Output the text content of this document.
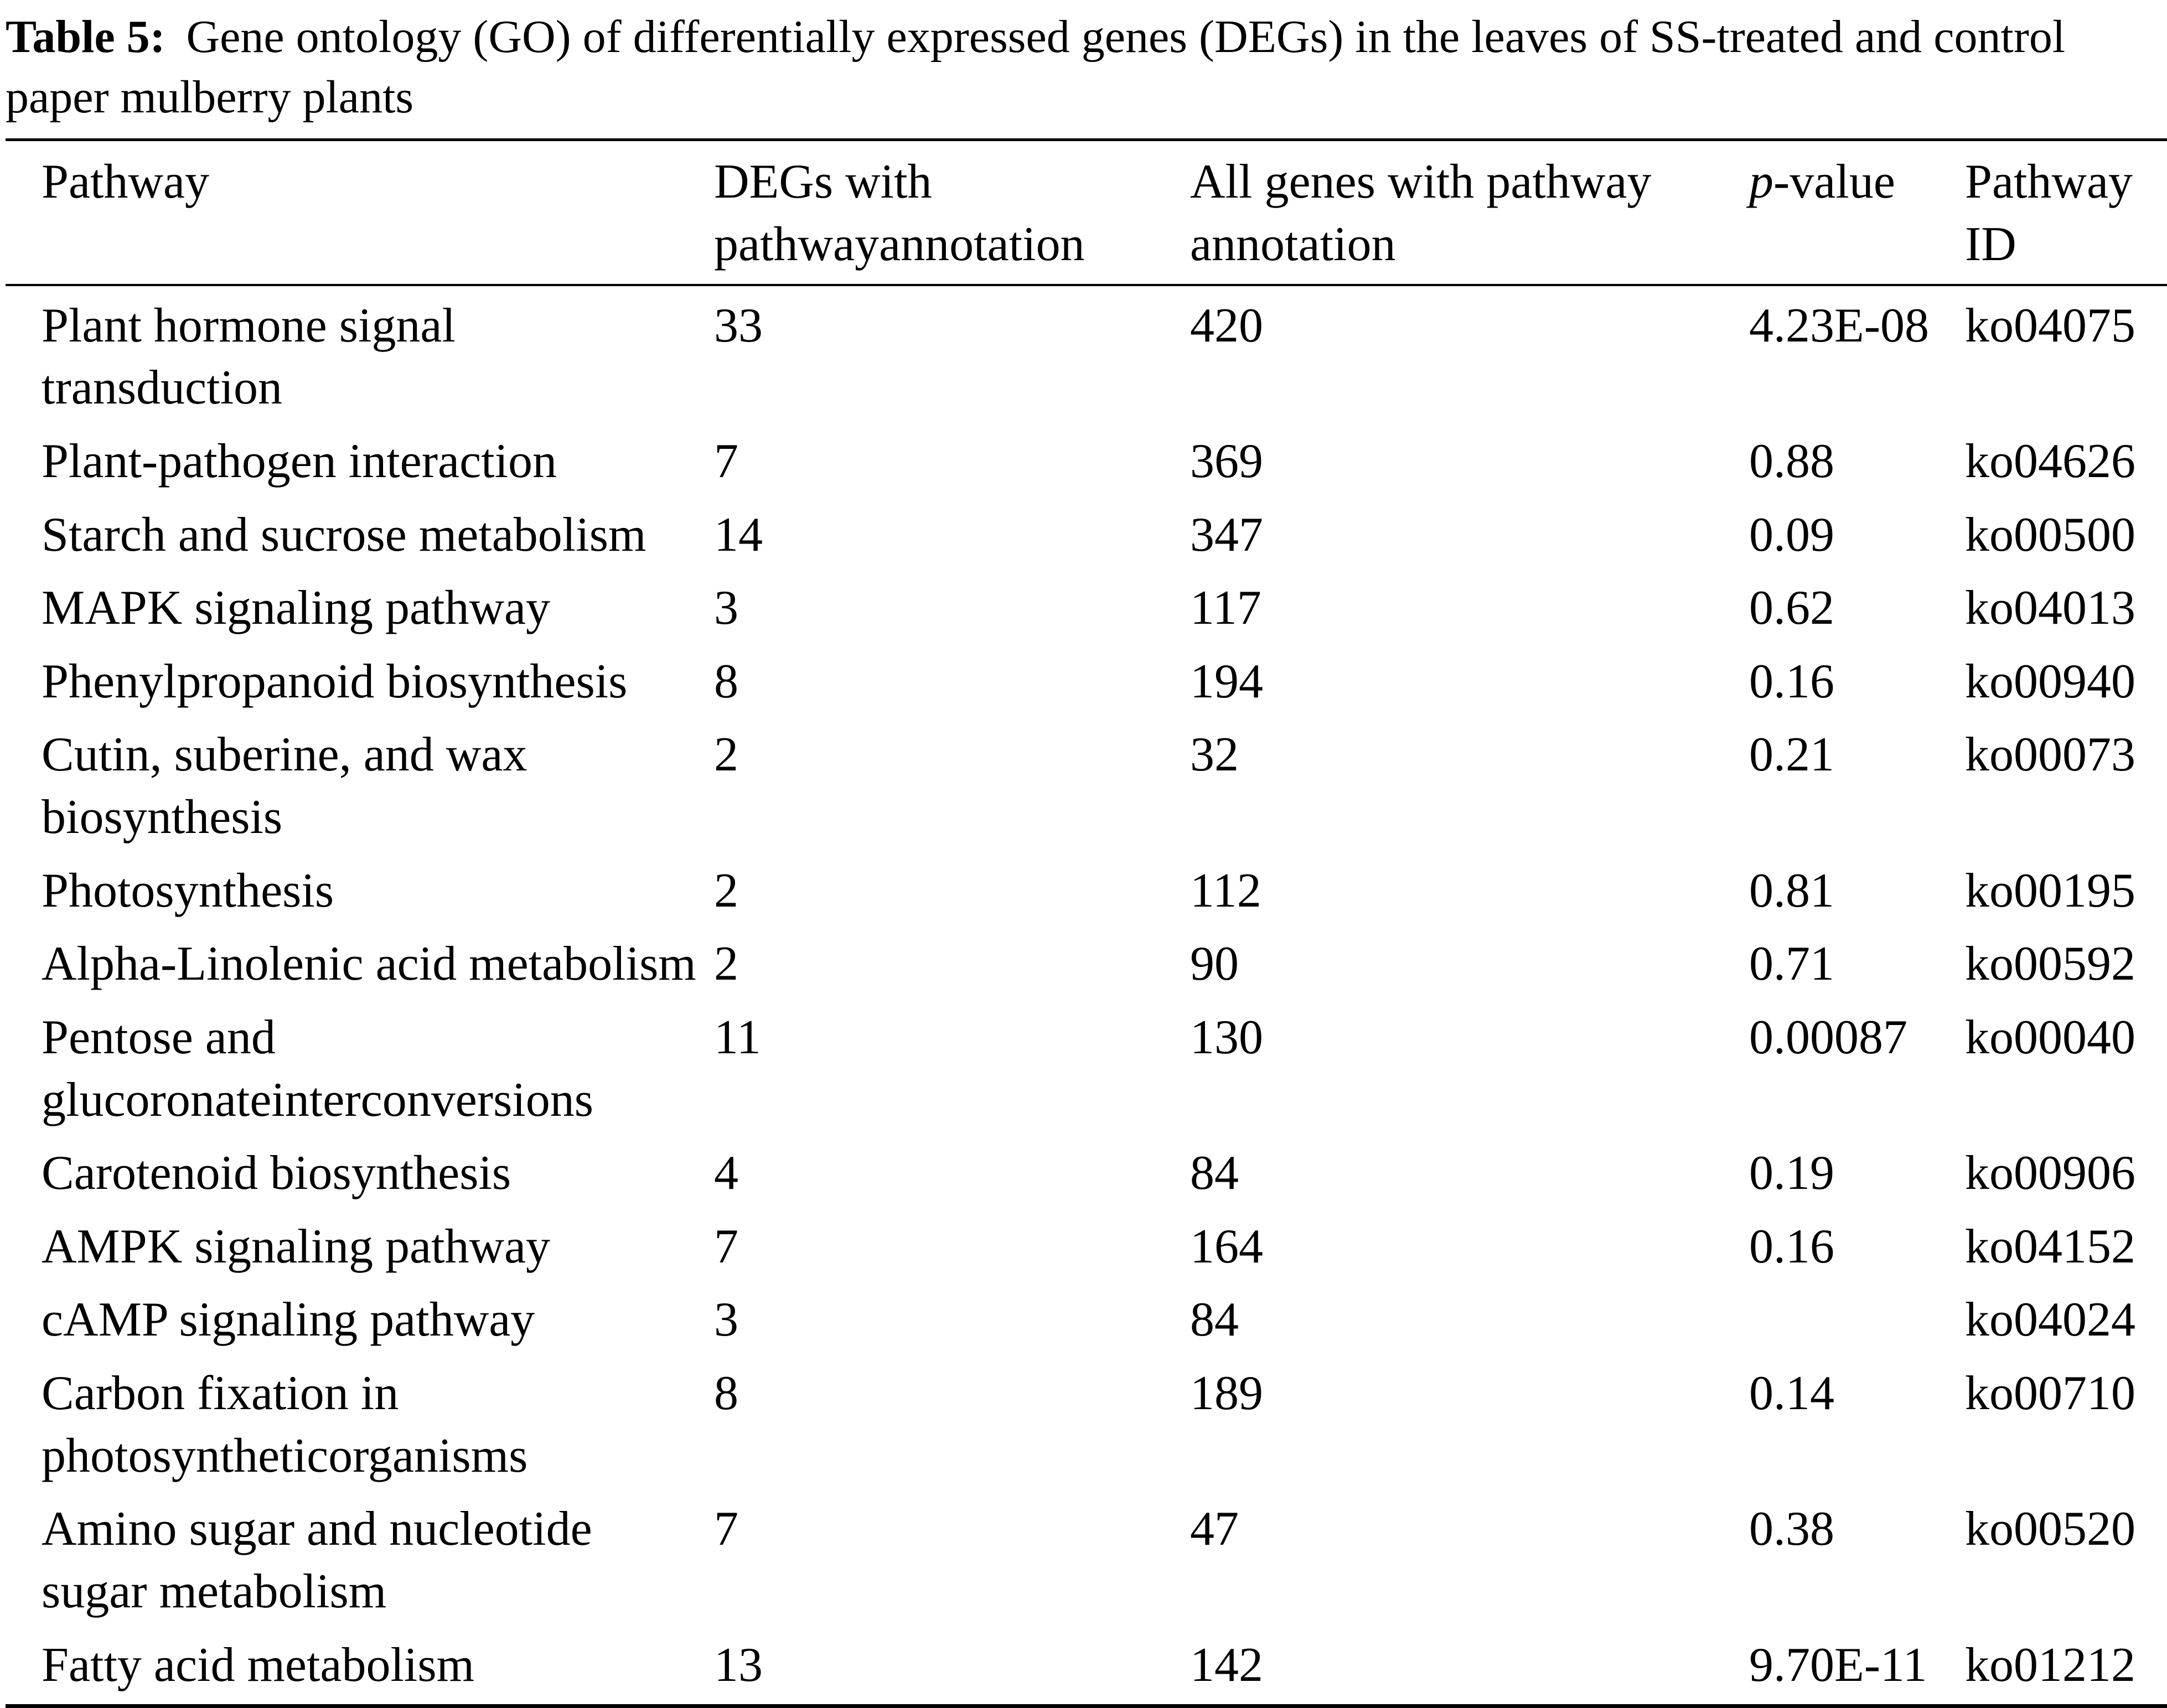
Table 5: Gene ontology (GO) of differentially expressed genes (DEGs) in the leaves of SS-treated and control paper mulberry plants

Pathway	DEGs with pathwayannotation	All genes with pathway annotation	p-value	Pathway ID
Plant hormone signal transduction	33	420	4.23E-08	ko04075
Plant-pathogen interaction	7	369	0.88	ko04626
Starch and sucrose metabolism	14	347	0.09	ko00500
MAPK signaling pathway	3	117	0.62	ko04013
Phenylpropanoid biosynthesis	8	194	0.16	ko00940
Cutin, suberine, and wax biosynthesis	2	32	0.21	ko00073
Photosynthesis	2	112	0.81	ko00195
Alpha-Linolenic acid metabolism	2	90	0.71	ko00592
Pentose and glucoronateinterconversions	11	130	0.00087	ko00040
Carotenoid biosynthesis	4	84	0.19	ko00906
AMPK signaling pathway	7	164	0.16	ko04152
cAMP signaling pathway	3	84		ko04024
Carbon fixation in photosyntheticorganisms	8	189	0.14	ko00710
Amino sugar and nucleotide sugar metabolism	7	47	0.38	ko00520
Fatty acid metabolism	13	142	9.70E-11	ko01212
